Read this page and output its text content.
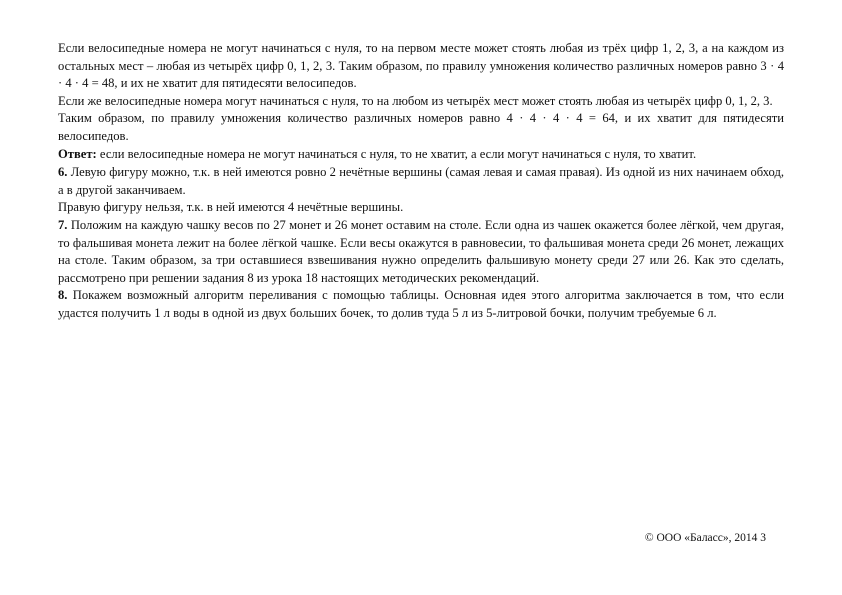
Если велосипедные номера не могут начинаться с нуля, то на первом месте может стоять любая из трёх цифр 1, 2, 3, а на каждом из остальных мест – любая из четырёх цифр 0, 1, 2, 3. Таким образом, по правилу умножения количество различных номеров равно 3 · 4 · 4 · 4 = 48, и их не хватит для пятидесяти велосипедов.

Если же велосипедные номера могут начинаться с нуля, то на любом из четырёх мест может стоять любая из четырёх цифр 0, 1, 2, 3.

Таким образом, по правилу умножения количество различных номеров равно 4 · 4 · 4 · 4 = 64, и их хватит для пятидесяти велосипедов.

Ответ: если велосипедные номера не могут начинаться с нуля, то не хватит, а если могут начинаться с нуля, то хватит.

6. Левую фигуру можно, т.к. в ней имеются ровно 2 нечётные вершины (самая левая и самая правая). Из одной из них начинаем обход, а в другой заканчиваем.

Правую фигуру нельзя, т.к. в ней имеются 4 нечётные вершины.

7. Положим на каждую чашку весов по 27 монет и 26 монет оставим на столе. Если одна из чашек окажется более лёгкой, чем другая, то фальшивая монета лежит на более лёгкой чашке. Если весы окажутся в равновесии, то фальшивая монета среди 26 монет, лежащих на столе. Таким образом, за три оставшиеся взвешивания нужно определить фальшивую монету среди 27 или 26. Как это сделать, рассмотрено при решении задания 8 из урока 18 настоящих методических рекомендаций.

8. Покажем возможный алгоритм переливания с помощью таблицы. Основная идея этого алгоритма заключается в том, что если удастся получить 1 л воды в одной из двух больших бочек, то долив туда 5 л из 5-литровой бочки, получим требуемые 6 л.

© ООО «Баласс», 2014 3
